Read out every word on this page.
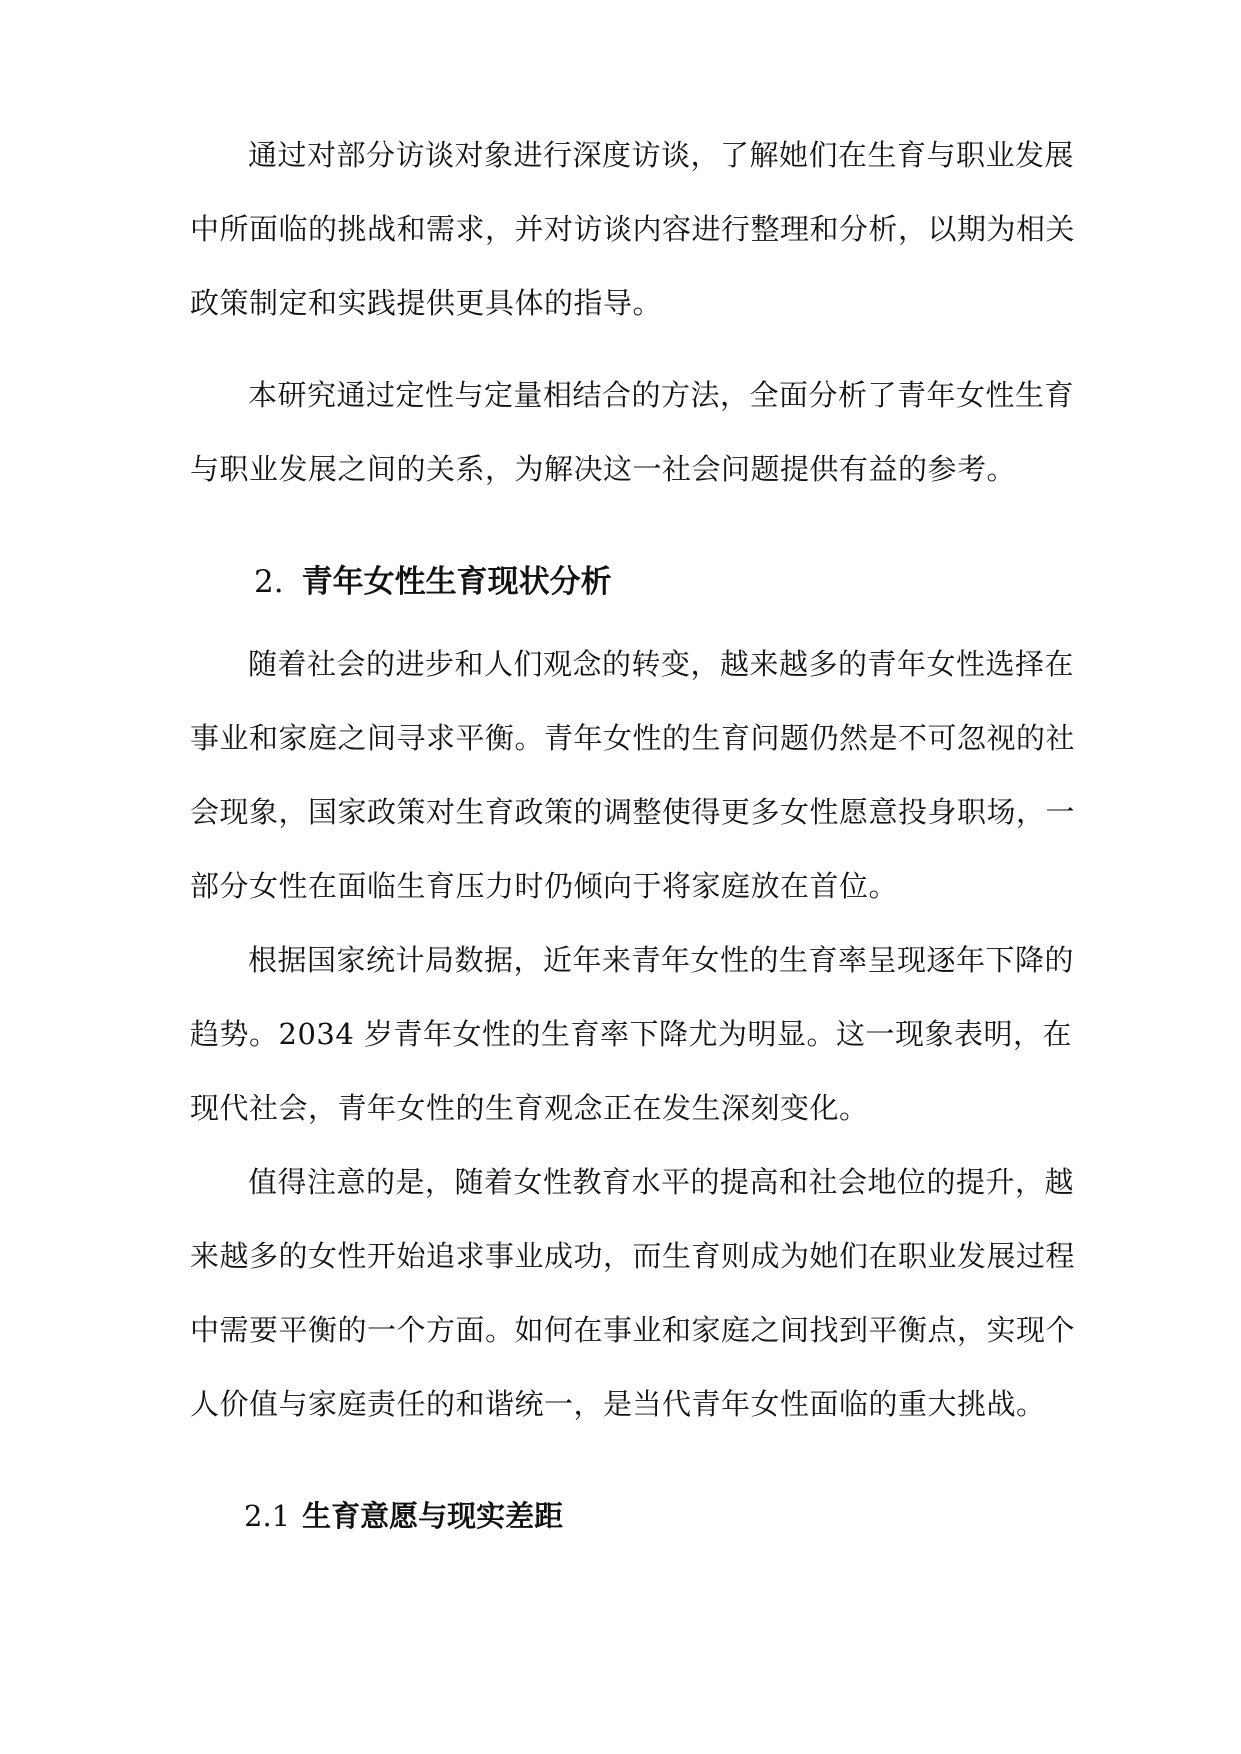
通过对部分访谈对象进行深度访谈，了解她们在生育与职业发展
中所面临的挑战和需求，并对访谈内容进行整理和分析，以期为相关
政策制定和实践提供更具体的指导。
本研究通过定性与定量相结合的方法，全面分析了青年女性生育
与职业发展之间的关系，为解决这一社会问题提供有益的参考。
2. 青年女性生育现状分析
随着社会的进步和人们观念的转变，越来越多的青年女性选择在
事业和家庭之间寻求平衡。青年女性的生育问题仍然是不可忽视的社
会现象，国家政策对生育政策的调整使得更多女性愿意投身职场，一
部分女性在面临生育压力时仍倾向于将家庭放在首位。
根据国家统计局数据，近年来青年女性的生育率呈现逐年下降的
趋势。2034 岁青年女性的生育率下降尤为明显。这一现象表明，在
现代社会，青年女性的生育观念正在发生深刻变化。
值得注意的是，随着女性教育水平的提高和社会地位的提升，越
来越多的女性开始追求事业成功，而生育则成为她们在职业发展过程
中需要平衡的一个方面。如何在事业和家庭之间找到平衡点，实现个
人价值与家庭责任的和谐统一，是当代青年女性面临的重大挑战。
2.1 生育意愿与现实差距
